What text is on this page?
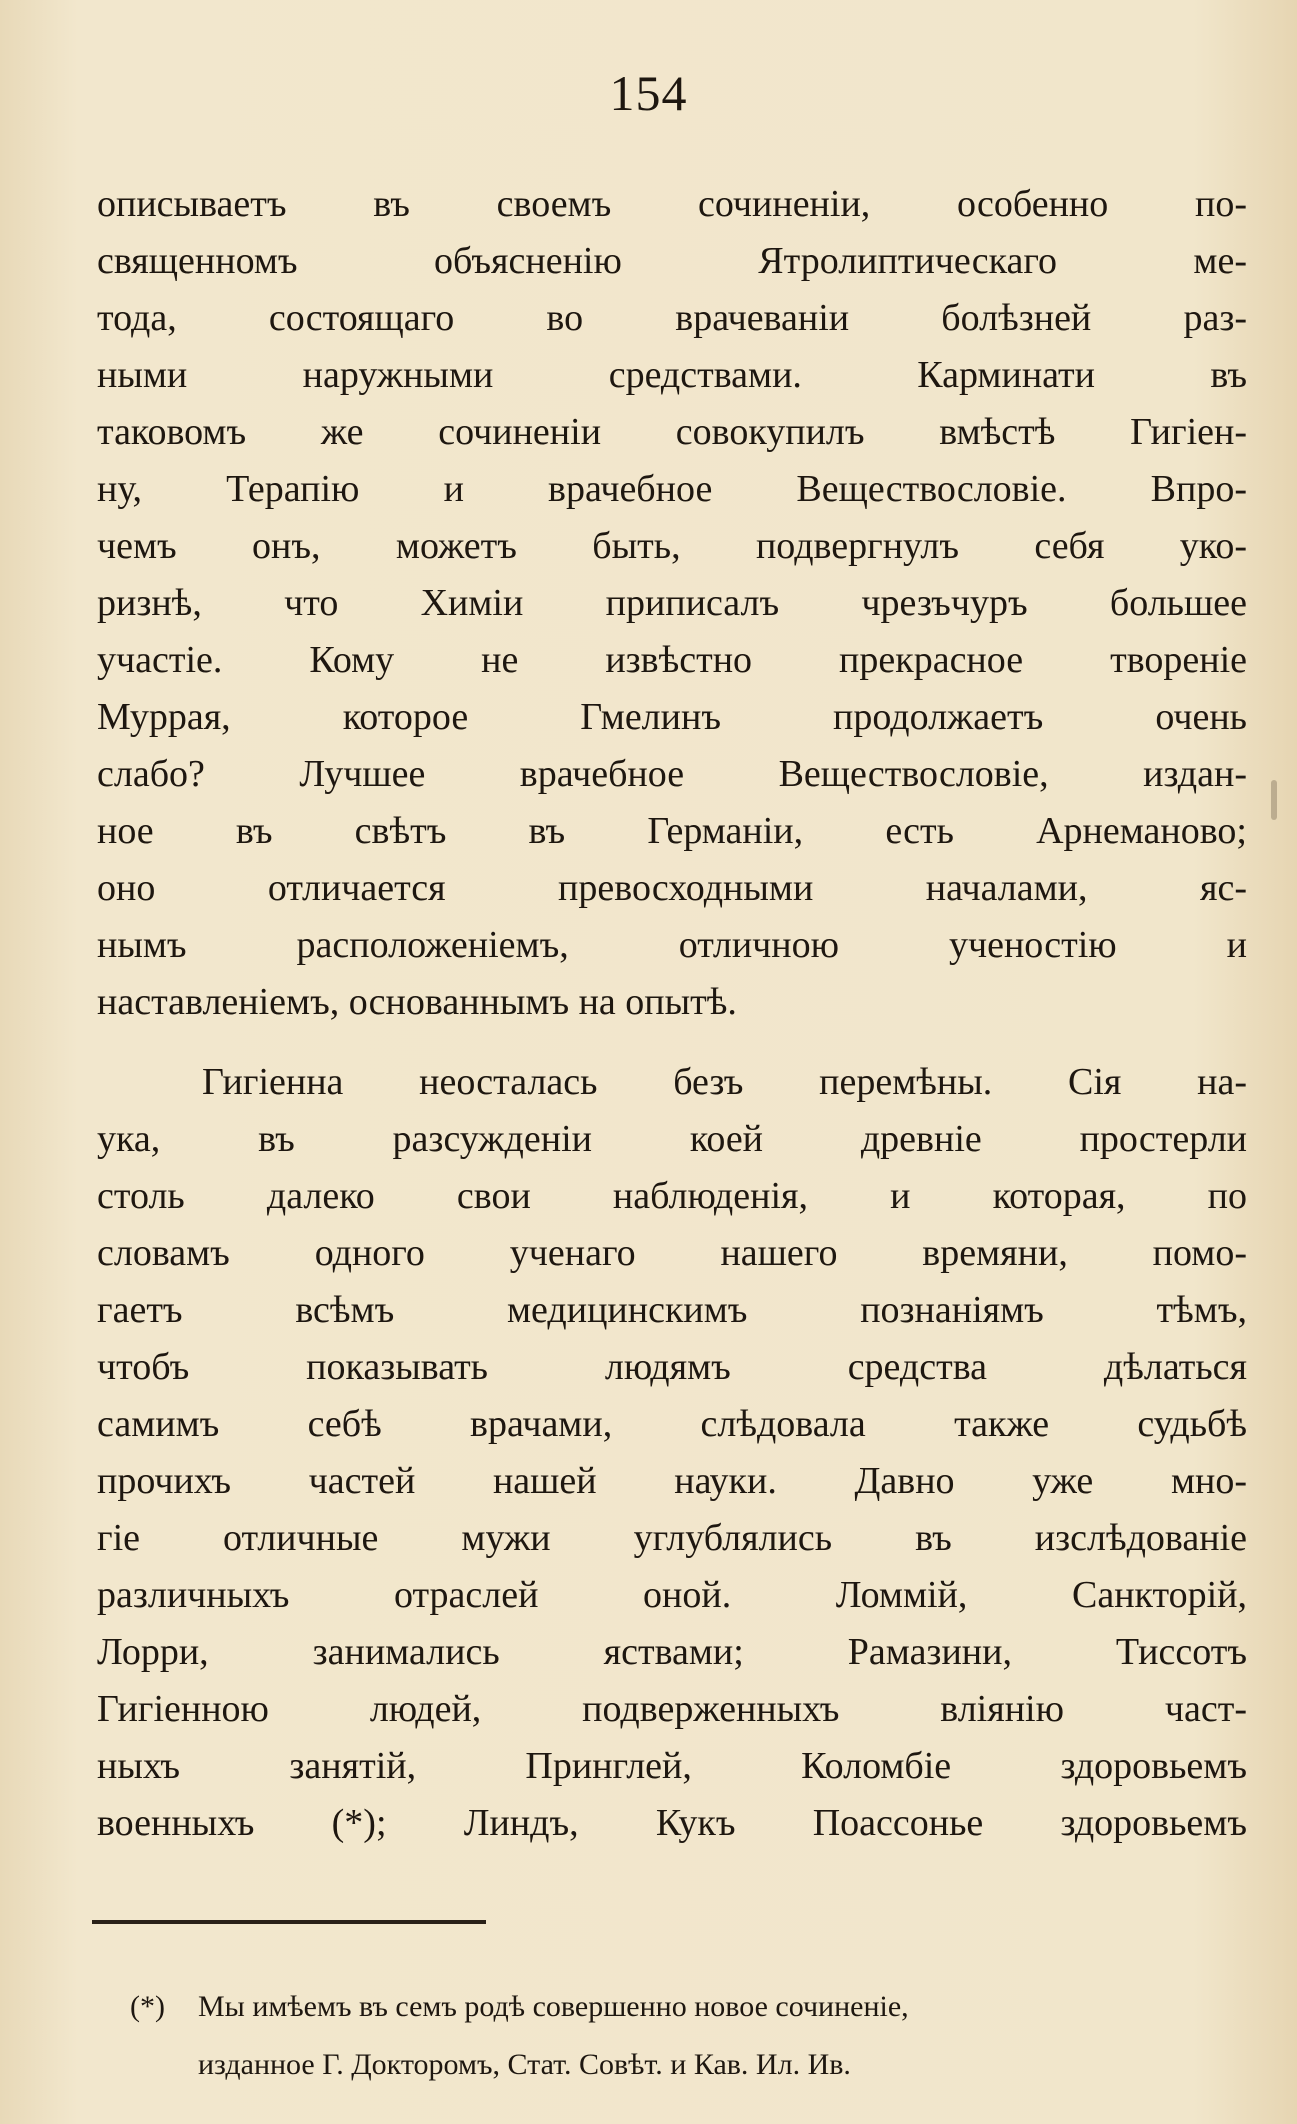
154
описываетъ въ своемъ сочиненіи, особенно по-
священномъ объясненію Ятролиптическаго ме-
тода, состоящаго во врачеваніи болѣзней раз-
ными наружными средствами. Карминати въ
таковомъ же сочиненіи совокупилъ вмѣстѣ Гигіен-
ну, Терапію и врачебное Веществословіе. Впро-
чемъ онъ, можетъ быть, подвергнулъ себя уко-
ризнѣ, что Химіи приписалъ чрезъчуръ большее
участіе. Кому не извѣстно прекрасное твореніе
Муррая, которое Гмелинъ продолжаетъ очень
слабо? Лучшее врачебное Веществословіе, издан-
ное въ свѣтъ въ Германіи, есть Арнеманово;
оно отличается превосходными началами, яс-
нымъ расположеніемъ, отличною ученостію и
наставленіемъ, основаннымъ на опытѣ.
Гигіенна неосталась безъ перемѣны. Сія на-
ука, въ разсужденіи коей древніе простерли
столь далеко свои наблюденія, и которая, по
словамъ одного ученаго нашего времяни, помо-
гаетъ всѣмъ медицинскимъ познаніямъ тѣмъ,
чтобъ показывать людямъ средства дѣлаться
самимъ себѣ врачами, слѣдовала также судьбѣ
прочихъ частей нашей науки. Давно уже мно-
гіе отличные мужи углублялись въ изслѣдованіе
различныхъ отраслей оной. Ломмій, Санкторій,
Лорри, занимались яствами; Рамазини, Тиссотъ
Гигіенною людей, подверженныхъ вліянію част-
ныхъ занятій, Принглей, Коломбіе здоровьемъ
военныхъ (*); Линдъ, Кукъ Поассонье здоровьемъ
(*) Мы имѣемъ въ семъ родѣ совершенно новое сочиненіе,
изданное Г. Докторомъ, Стат. Совѣт. и Кав. Ил. Ив.
